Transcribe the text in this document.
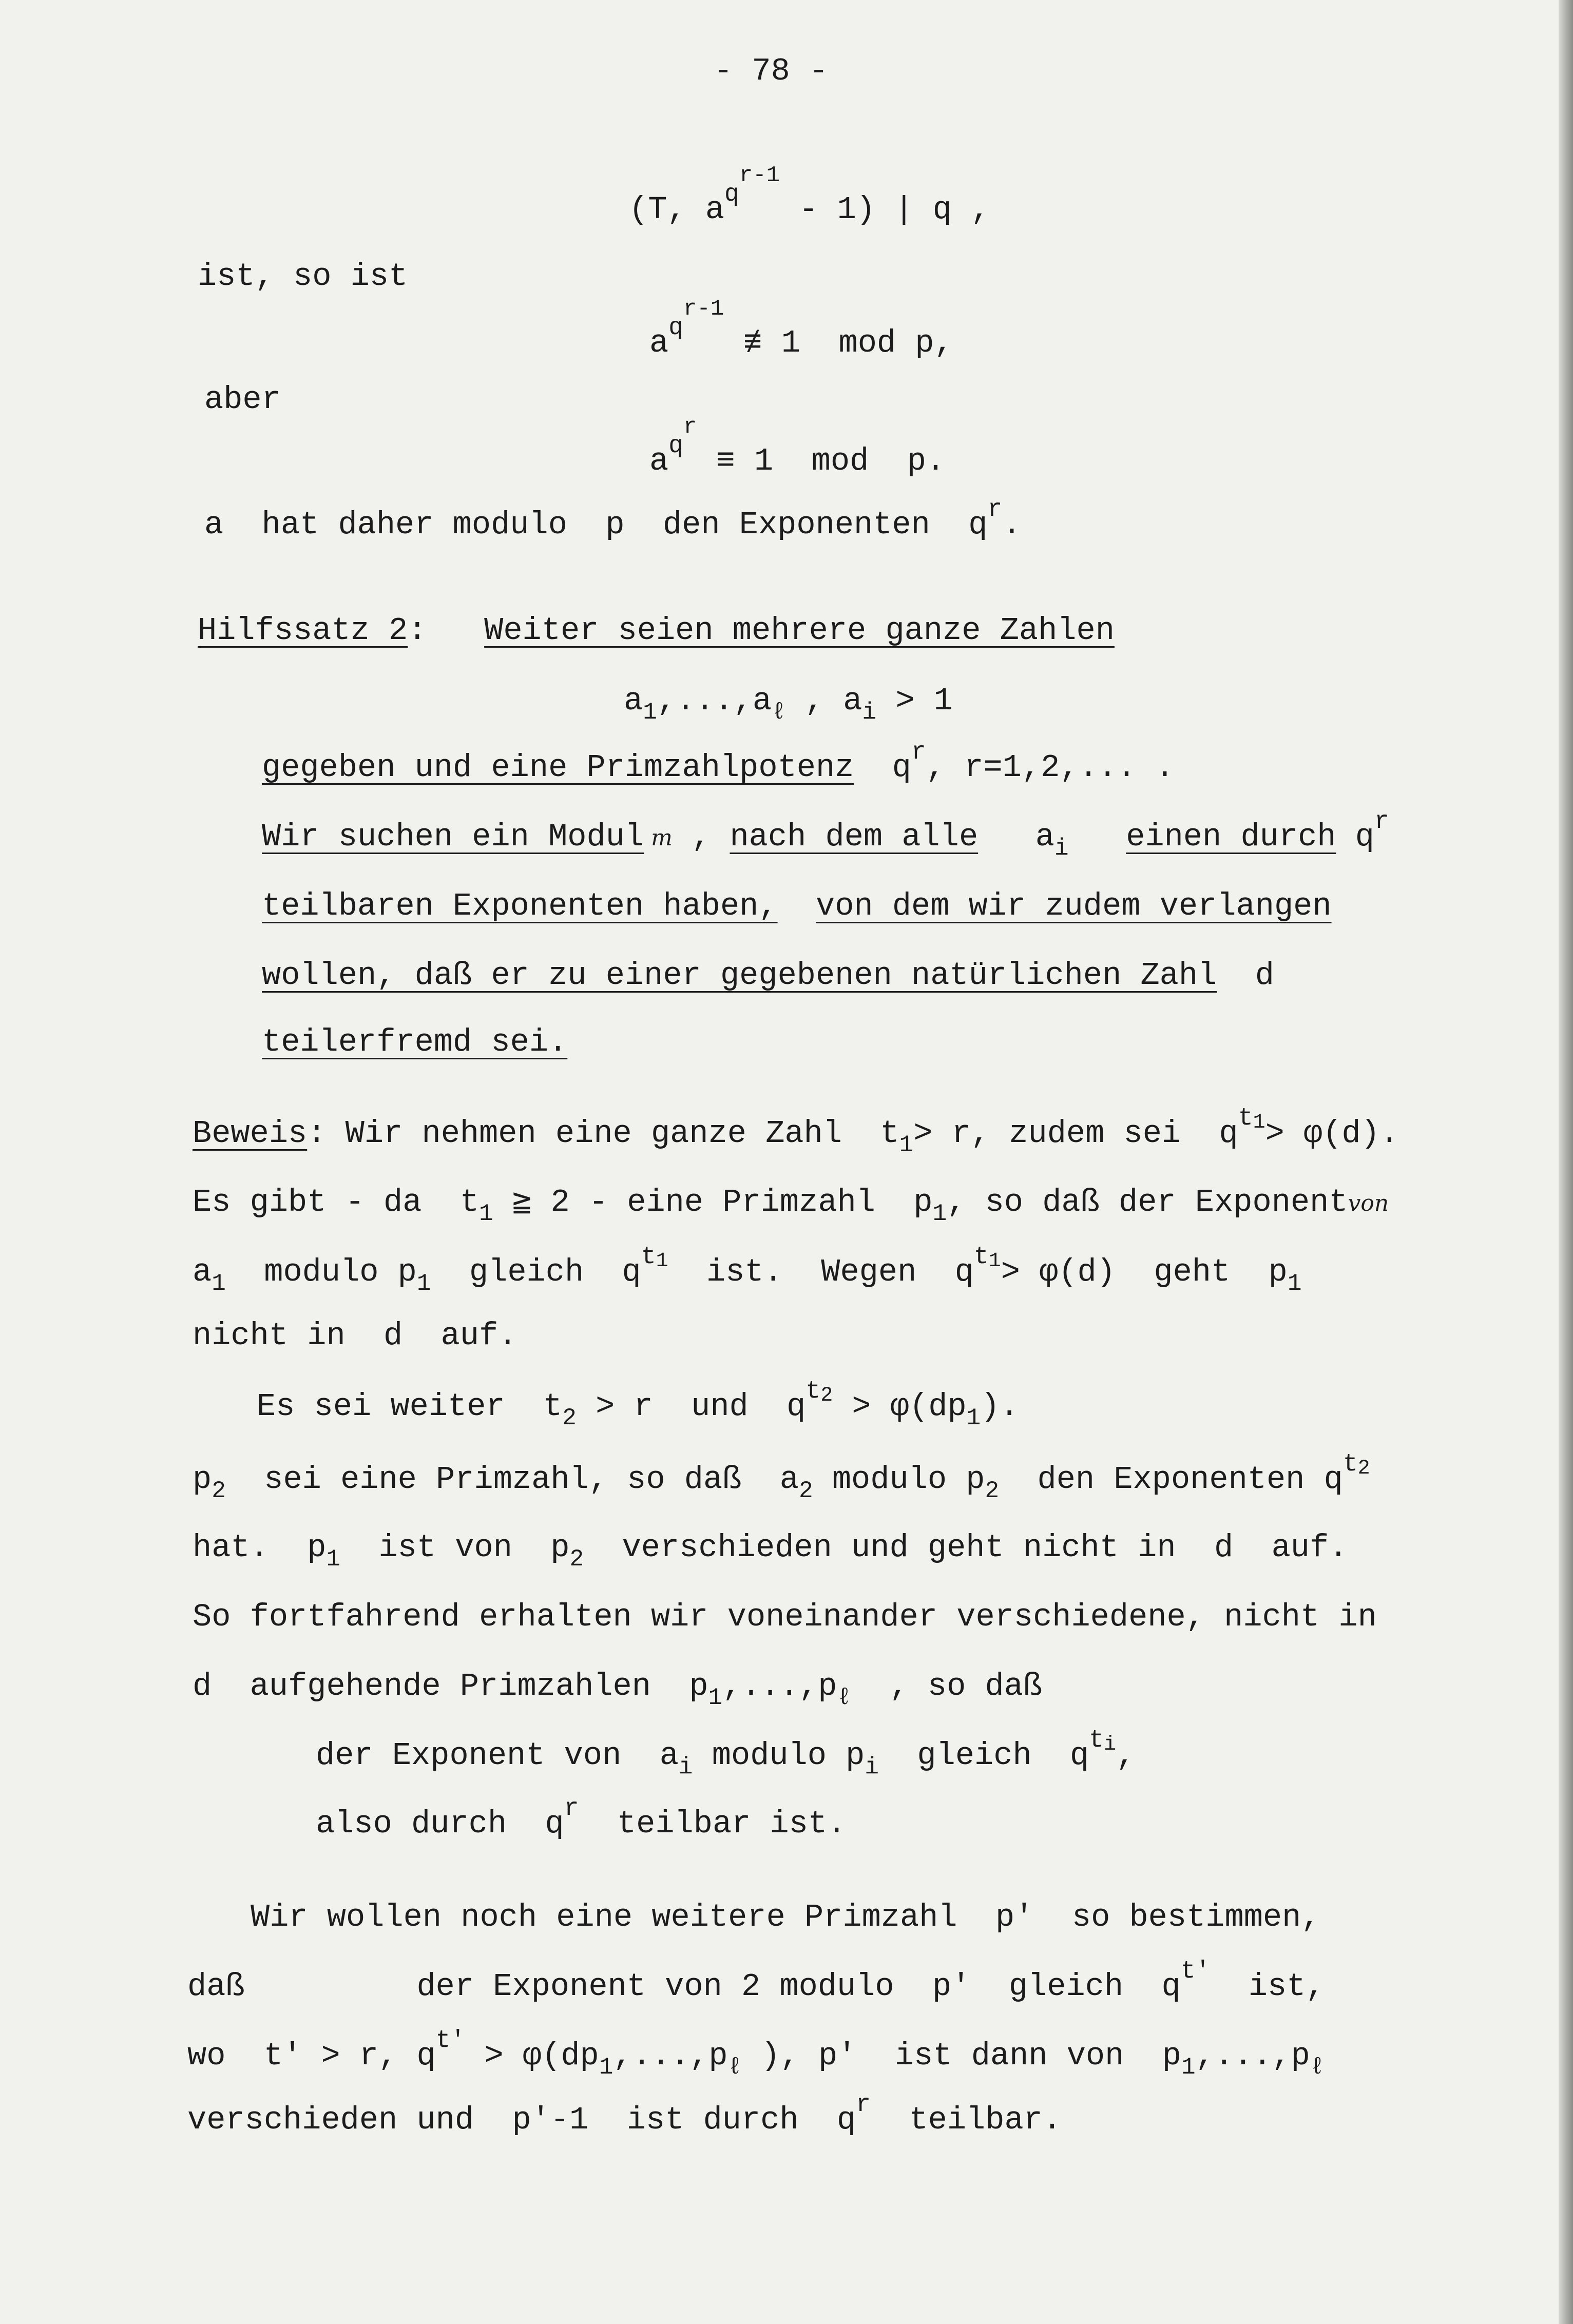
- 78 -
(T, $a^{qr-1} - 1$) | q ,
ist, so ist
$a^{qr-1}$ ≢ 1  mod p,
aber
$a^{qr} \equiv 1$  mod  p.
a  hat daher modulo  p  den Exponenten  $q^r$.
Hilfssatz 2: Weiter seien mehrere ganze Zahlen
$a_1,...,a_\ell$ , $a_i > 1$
gegeben und eine Primzahlpotenz  $q^r$, r=1,2,... .
Wir suchen ein Modul m , nach dem alle $a_i$ einen durch $q^r$
teilbaren Exponenten haben, von dem wir zudem verlangen
wollen, daß er zu einer gegebenen natürlichen Zahl  d
teilerfremd sei.
Beweis: Wir nehmen eine ganze Zahl  $t_1> r$, zudem sei  $q^{t1}> \varphi(d)$.
Es gibt - da  $t_1$ ≧ 2 - eine Primzahl  $p_1$, so daß der Exponentvon
$a_1$  modulo $p_1$  gleich  $q^{t1}$  ist.  Wegen  $q^{t1}> \varphi(d)$  geht  $p_1$
nicht in  d  auf.
Es sei weiter  $t_2 > r$  und  $q^{t2} > \varphi(dp_1)$.
$p_2$  sei eine Primzahl, so daß  $a_2$ modulo $p_2$  den Exponenten $q^{t2}$
hat.  $p_1$  ist von  $p_2$  verschieden und geht nicht in  d  auf.
So fortfahrend erhalten wir voneinander verschiedene, nicht in
d  aufgehende Primzahlen  $p_1,...,p_\ell$  , so daß
der Exponent von  $a_i$ modulo $p_i$  gleich  $q^{ti}$,
also durch  $q^r$  teilbar ist.
Wir wollen noch eine weitere Primzahl  p'  so bestimmen,
daß         der Exponent von 2 modulo  p'  gleich  $q^{t'}$  ist,
wo  t' > r, $q^{t'} > \varphi(dp_1,...,p_\ell$ ), p'  ist dann von  $p_1,...,p_\ell$
verschieden und  p'-1  ist durch  $q^r$  teilbar.
